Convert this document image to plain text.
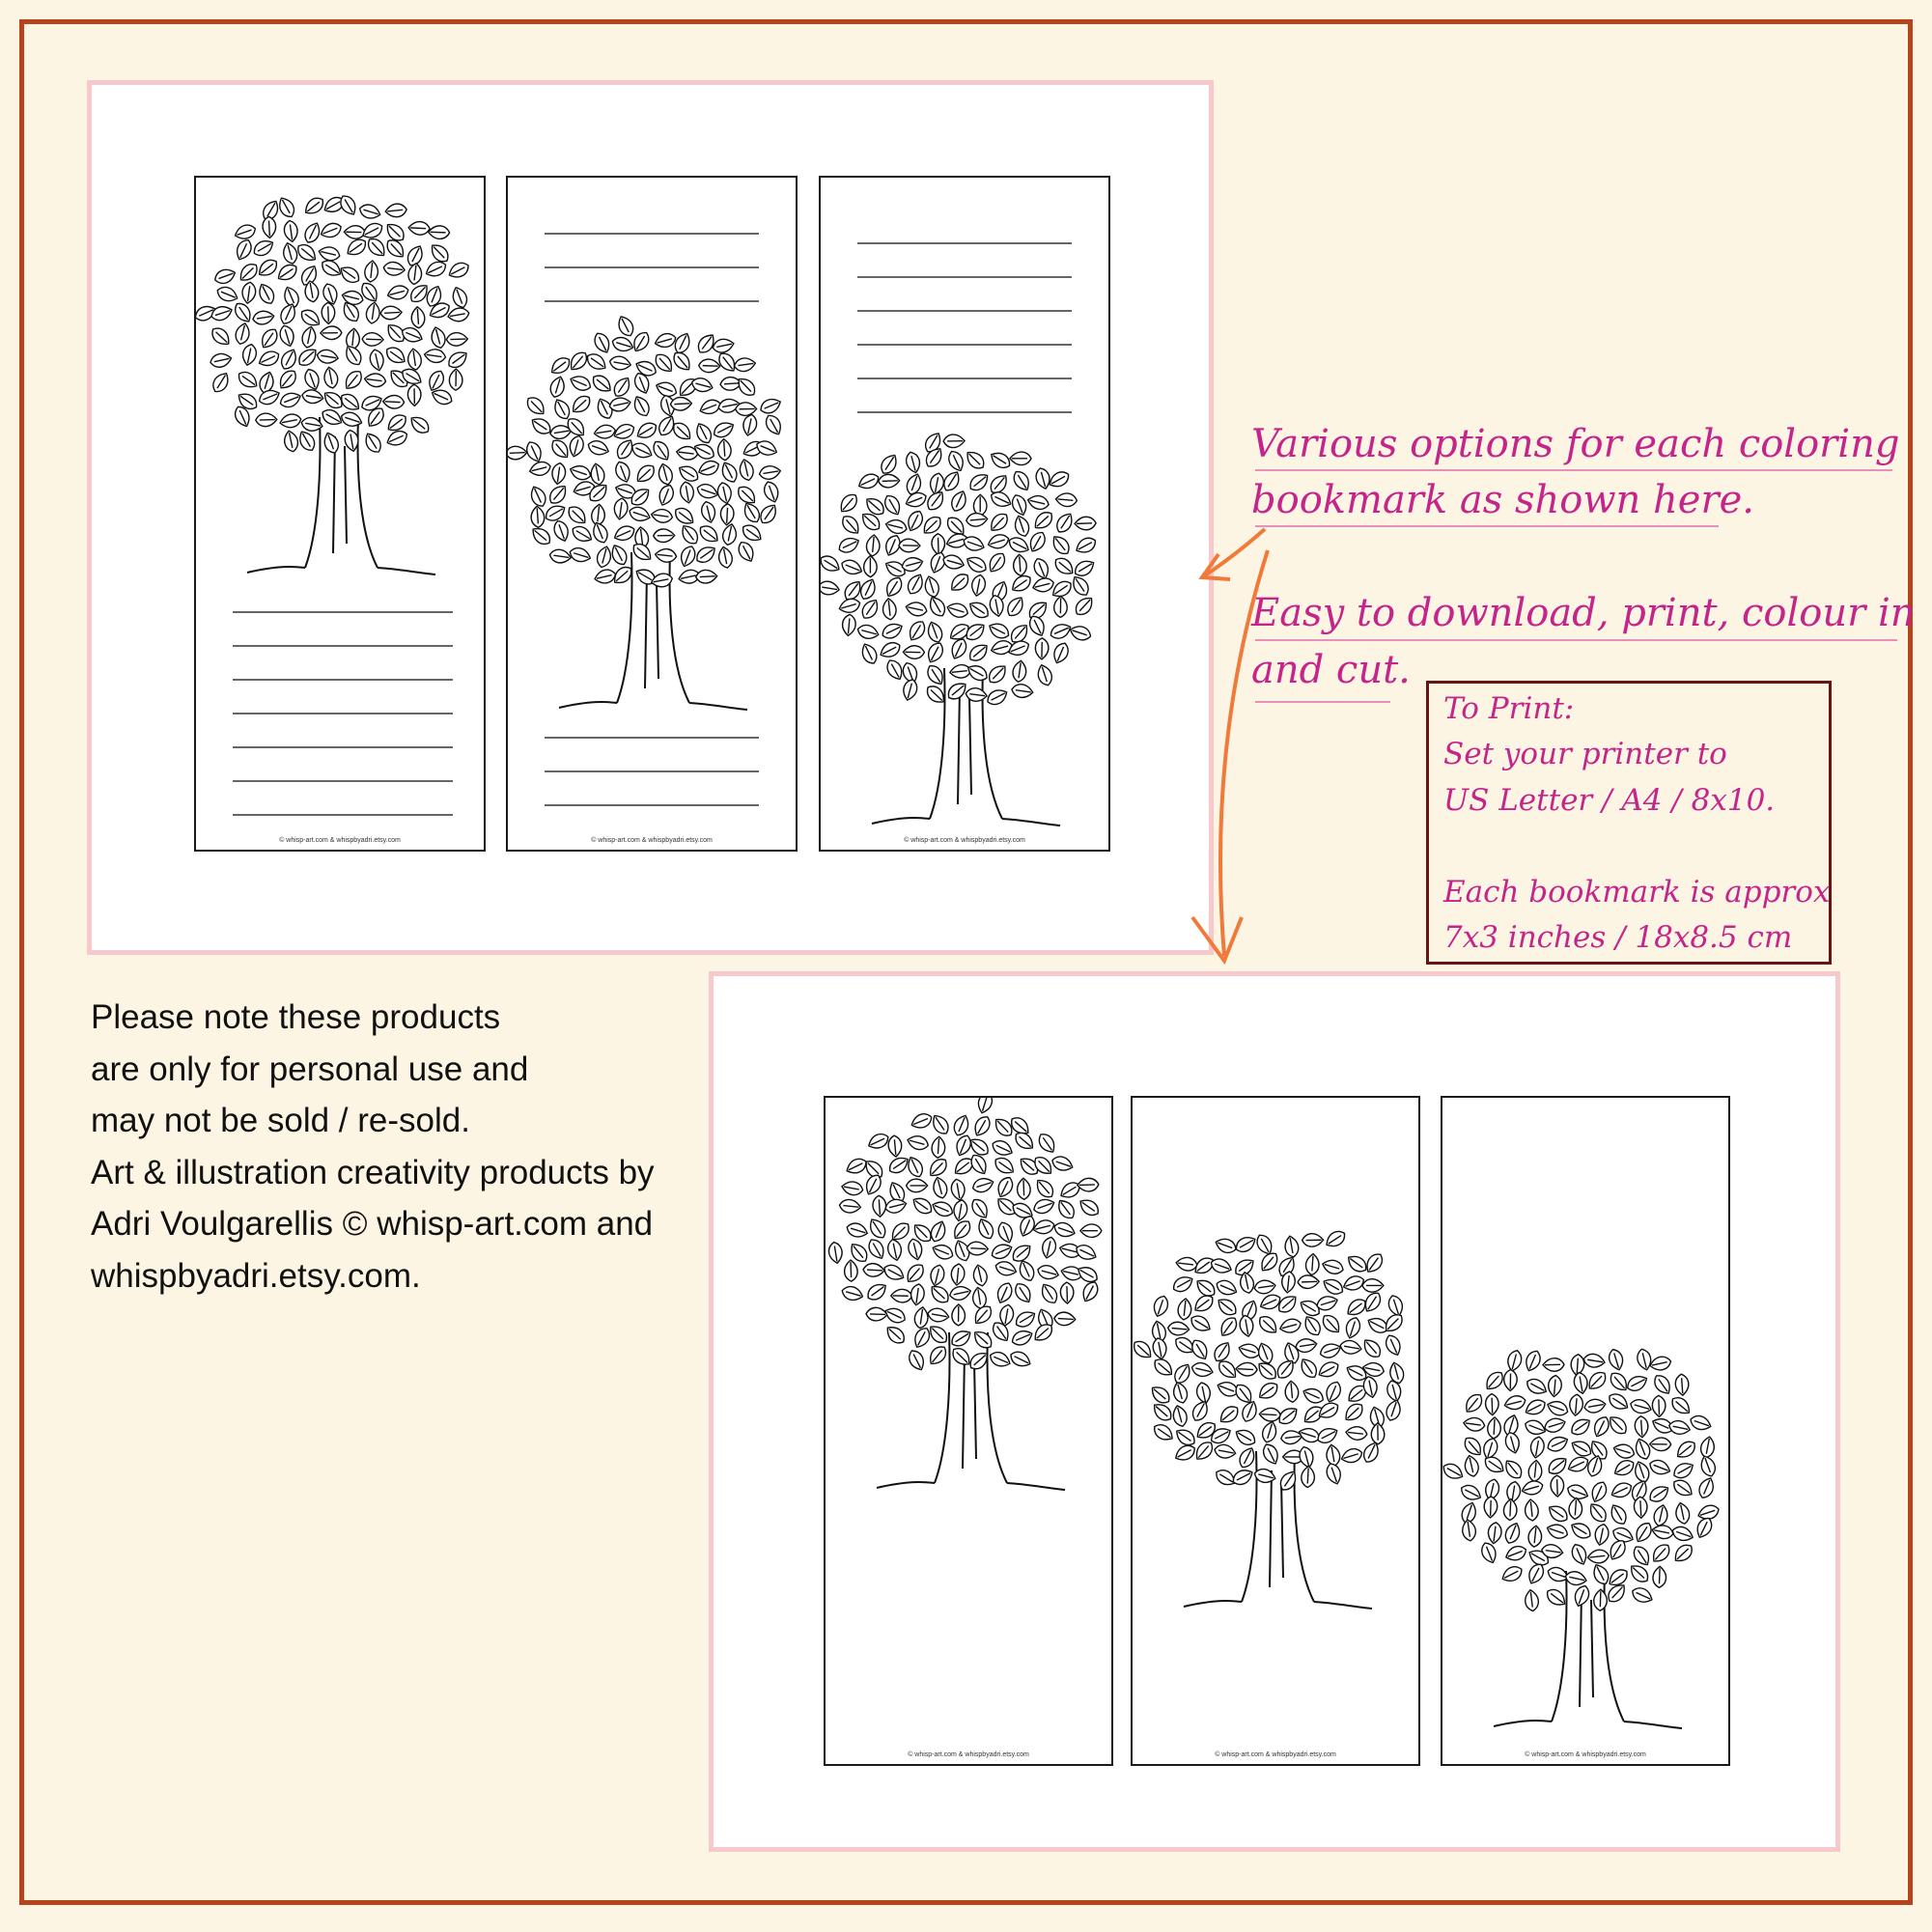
© whisp-art.com & whispbyadri.etsy.com	© whisp-art.com & whispbyadri.etsy.com	© whisp-art.com & whispbyadri.etsy.com
© whisp-art.com & whispbyadri.etsy.com	© whisp-art.com & whispbyadri.etsy.com	© whisp-art.com & whispbyadri.etsy.com
Various options for each coloring
bookmark as shown here.
Easy to download, print, colour in
and cut.
To Print:
Set your printer to
US Letter / A4 / 8x10.
Each bookmark is approx
7x3 inches / 18x8.5 cm
Please note these products
are only for personal use and
may not be sold / re-sold.
Art & illustration creativity products by
Adri Voulgarellis © whisp-art.com and
whispbyadri.etsy.com.
